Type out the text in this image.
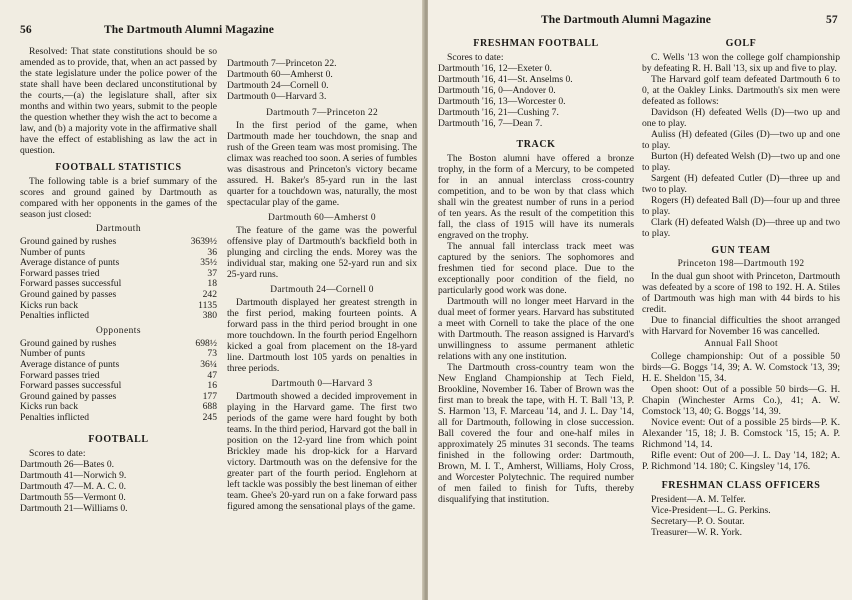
56	The Dartmouth Alumni Magazine

Resolved: That state constitutions should be so amended as to provide, that, when an act passed by the state legislature under the police power of the state shall have been declared unconstitutional by the courts,—(a) the legislature shall, after six months and within two years, submit to the people the question whether they wish the act to become a law, and (b) a majority vote in the affirmative shall have the effect of establishing as law the act in question.

FOOTBALL STATISTICS

The following table is a brief summary of the scores and ground gained by Dartmouth as compared with her opponents in the games of the season just closed:

Dartmouth
Ground gained by rushes	3639½
Number of punts	36
Average distance of punts	35½
Forward passes tried	37
Forward passes successful	18
Ground gained by passes	242
Kicks run back	1135
Penalties inflicted	380
Opponents
Ground gained by rushes	698½
Number of punts	73
Average distance of punts	36¼
Forward passes tried	47
Forward passes successful	16
Ground gained by passes	177
Kicks run back	688
Penalties inflicted	245
FOOTBALL

Scores to date:

Dartmouth 26—Bates 0.
Dartmouth 41—Norwich 9.
Dartmouth 47—M. A. C. 0.
Dartmouth 55—Vermont 0.
Dartmouth 21—Williams 0.
Dartmouth 7—Princeton 22.
Dartmouth 60—Amherst 0.
Dartmouth 24—Cornell 0.
Dartmouth 0—Harvard 3.
Dartmouth 7—Princeton 22

In the first period of the game, when Dartmouth made her touchdown, the snap and rush of the Green team was most promising. The climax was reached too soon. A series of fumbles was disastrous and Princeton's victory became assured. H. Baker's 85-yard run in the last quarter for a touchdown was, naturally, the most spectacular play of the game.

Dartmouth 60—Amherst 0

The feature of the game was the powerful offensive play of Dartmouth's backfield both in plunging and circling the ends. Morey was the individual star, making one 52-yard run and six 25-yard runs.

Dartmouth 24—Cornell 0

Dartmouth displayed her greatest strength in the first period, making fourteen points. A forward pass in the third period brought in one more touchdown. In the fourth period Engelhorn kicked a goal from placement on the 18-yard line. Dartmouth lost 105 yards on penalties in three periods.

Dartmouth 0—Harvard 3

Dartmouth showed a decided improvement in playing in the Harvard game. The first two periods of the game were hard fought by both teams. In the third period, Harvard got the ball in position on the 12-yard line from which point Brickley made his drop-kick for a Harvard victory. Dartmouth was on the defensive for the greater part of the fourth period. Englehorn at left tackle was possibly the best lineman of either team. Ghee's 20-yard run on a fake forward pass figured among the sensational plays of the game.

The Dartmouth Alumni Magazine	57
FRESHMAN FOOTBALL

Scores to date:

Dartmouth '16, 12—Exeter 0.
Dartmouth '16, 41—St. Anselms 0.
Dartmouth '16, 0—Andover 0.
Dartmouth '16, 13—Worcester 0.
Dartmouth '16, 21—Cushing 7.
Dartmouth '16, 7—Dean 7.
TRACK

The Boston alumni have offered a bronze trophy, in the form of a Mercury, to be competed for in an annual interclass cross-country competition, and to be won by that class which shall win the greatest number of runs in a period of ten years. As the result of the competition this fall, the class of 1915 will have its numerals engraved on the trophy.

The annual fall interclass track meet was captured by the seniors. The sophomores and freshmen tied for second place. Due to the exceptionally poor condition of the field, no particularly good work was done.

Dartmouth will no longer meet Harvard in the dual meet of former years. Harvard has substituted a meet with Cornell to take the place of the one with Dartmouth. The reason assigned is Harvard's unwillingness to assume permanent athletic relations with any one institution.

The Dartmouth cross-country team won the New England Championship at Tech Field, Brookline, November 16. Taber of Brown was the first man to break the tape, with H. T. Ball '13, P. S. Harmon '13, F. Marceau '14, and J. L. Day '14, all for Dartmouth, following in close succession. Ball covered the four and one-half miles in approximately 25 minutes 31 seconds. The teams finished in the following order: Dartmouth, Brown, M. I. T., Amherst, Williams, Holy Cross, and Worcester Polytechnic. The required number of men failed to finish for Tufts, thereby disqualifying that institution.

GOLF

C. Wells '13 won the college golf championship by defeating R. H. Ball '13, six up and five to play.

The Harvard golf team defeated Dartmouth 6 to 0, at the Oakley Links. Dartmouth's six men were defeated as follows:

Davidson (H) defeated Wells (D)—two up and one to play.

Auliss (H) defeated (Giles (D)—two up and one to play.

Burton (H) defeated Welsh (D)—two up and one to play.

Sargent (H) defeated Cutler (D)—three up and two to play.

Rogers (H) defeated Ball (D)—four up and three to play.

Clark (H) defeated Walsh (D)—three up and two to play.

GUN TEAM
Princeton 198—Dartmouth 192

In the dual gun shoot with Princeton, Dartmouth was defeated by a score of 198 to 192. H. A. Stiles of Dartmouth was high man with 44 birds to his credit.

Due to financial difficulties the shoot arranged with Harvard for November 16 was cancelled.

Annual Fall Shoot

College championship: Out of a possible 50 birds—G. Boggs '14, 39; A. W. Comstock '13, 39; H. E. Sheldon '15, 34.

Open shoot: Out of a possible 50 birds—G. H. Chapin (Winchester Arms Co.), 41; A. W. Comstock '13, 40; G. Boggs '14, 39.

Novice event: Out of a possible 25 birds—P. K. Alexander '15, 18; J. B. Comstock '15, 15; A. P. Richmond '14, 14.

Rifle event: Out of 200—J. L. Day '14, 182; A. P. Richmond '14. 180; C. Kingsley '14, 176.

FRESHMAN CLASS OFFICERS

President—A. M. Telfer.

Vice-President—L. G. Perkins.

Secretary—P. O. Soutar.

Treasurer—W. R. York.
